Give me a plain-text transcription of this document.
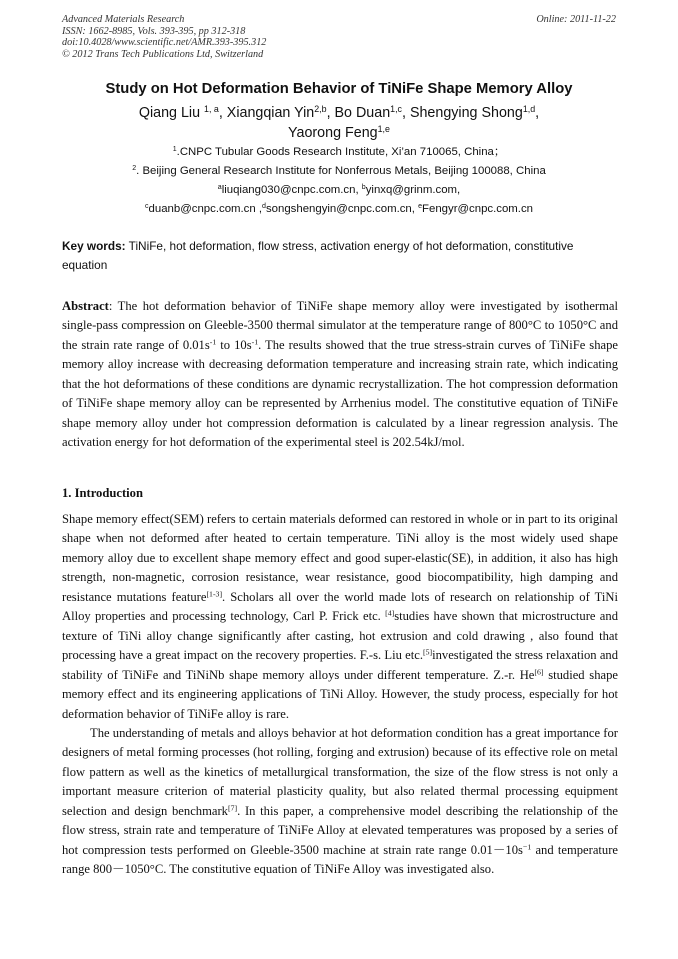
Advanced Materials Research
ISSN: 1662-8985, Vols. 393-395, pp 312-318
doi:10.4028/www.scientific.net/AMR.393-395.312
© 2012 Trans Tech Publications Ltd, Switzerland
Online: 2011-11-22
Study on Hot Deformation Behavior of TiNiFe Shape Memory Alloy
Qiang Liu $^{1, a}$, Xiangqian Yin$^{2,b}$, Bo Duan$^{1,c}$, Shengying Shong$^{1,d}$,
Yaorong Feng$^{1,e}$
$^1$.CNPC Tubular Goods Research Institute, Xi’an 710065, China；
$^2$. Beijing General Research Institute for Nonferrous Metals, Beijing 100088, China
$^a$liuqiang030@cnpc.com.cn, $^b$yinxq@grinm.com,
$^c$duanb@cnpc.com.cn ,$^d$songshengyin@cnpc.com.cn, $^e$Fengyr@cnpc.com.cn
Key words: TiNiFe, hot deformation, flow stress, activation energy of hot deformation, constitutive equation
Abstract: The hot deformation behavior of TiNiFe shape memory alloy were investigated by isothermal single-pass compression on Gleeble-3500 thermal simulator at the temperature range of 800°C to 1050°C and the strain rate range of $0.01s^{-1}$ to $10s^{-1}$. The results showed that the true stress-strain curves of TiNiFe shape memory alloy increase with decreasing deformation temperature and increasing strain rate, which indicating that the hot deformations of these conditions are dynamic recrystallization. The hot compression deformation of TiNiFe shape memory alloy can be represented by Arrhenius model. The constitutive equation of TiNiFe shape memory alloy under hot compression deformation is calculated by a linear regression analysis. The activation energy for hot deformation of the experimental steel is 202.54kJ/mol.
1. Introduction

Shape memory effect(SEM) refers to certain materials deformed can restored in whole or in part to its original shape when not deformed after heated to certain temperature. TiNi alloy is the most widely used shape memory alloy due to excellent shape memory effect and good super-elastic(SE), in addition, it also has high strength, non-magnetic, corrosion resistance, wear resistance, good biocompatibility, high damping and resistance mutations feature[1-3]. Scholars all over the world made lots of research on relationship of TiNi Alloy properties and processing technology, Carl P. Frick etc. [4]studies have shown that microstructure and texture of TiNi alloy change significantly after casting, hot extrusion and cold drawing , also found that processing have a great impact on the recovery properties. F.-s. Liu etc.[5]investigated the stress relaxation and stability of TiNiFe and TiNiNb shape memory alloys under different temperature. Z.-r. He[6] studied shape memory effect and its engineering applications of TiNi Alloy. However, the study process, especially for hot deformation behavior of TiNiFe alloy is rare.

The understanding of metals and alloys behavior at hot deformation condition has a great importance for designers of metal forming processes (hot rolling, forging and extrusion) because of its effective role on metal flow pattern as well as the kinetics of metallurgical transformation, the size of the flow stress is not only a important measure criterion of material plasticity quality, but also related thermal processing equipment selection and design benchmark[7]. In this paper, a comprehensive model describing the relationship of the flow stress, strain rate and temperature of TiNiFe Alloy at elevated temperatures was proposed by a series of hot compression tests performed on Gleeble-3500 machine at strain rate range $0.01-10s^{-1}$ and temperature range 800－1050°C. The constitutive equation of TiNiFe Alloy was investigated also.
